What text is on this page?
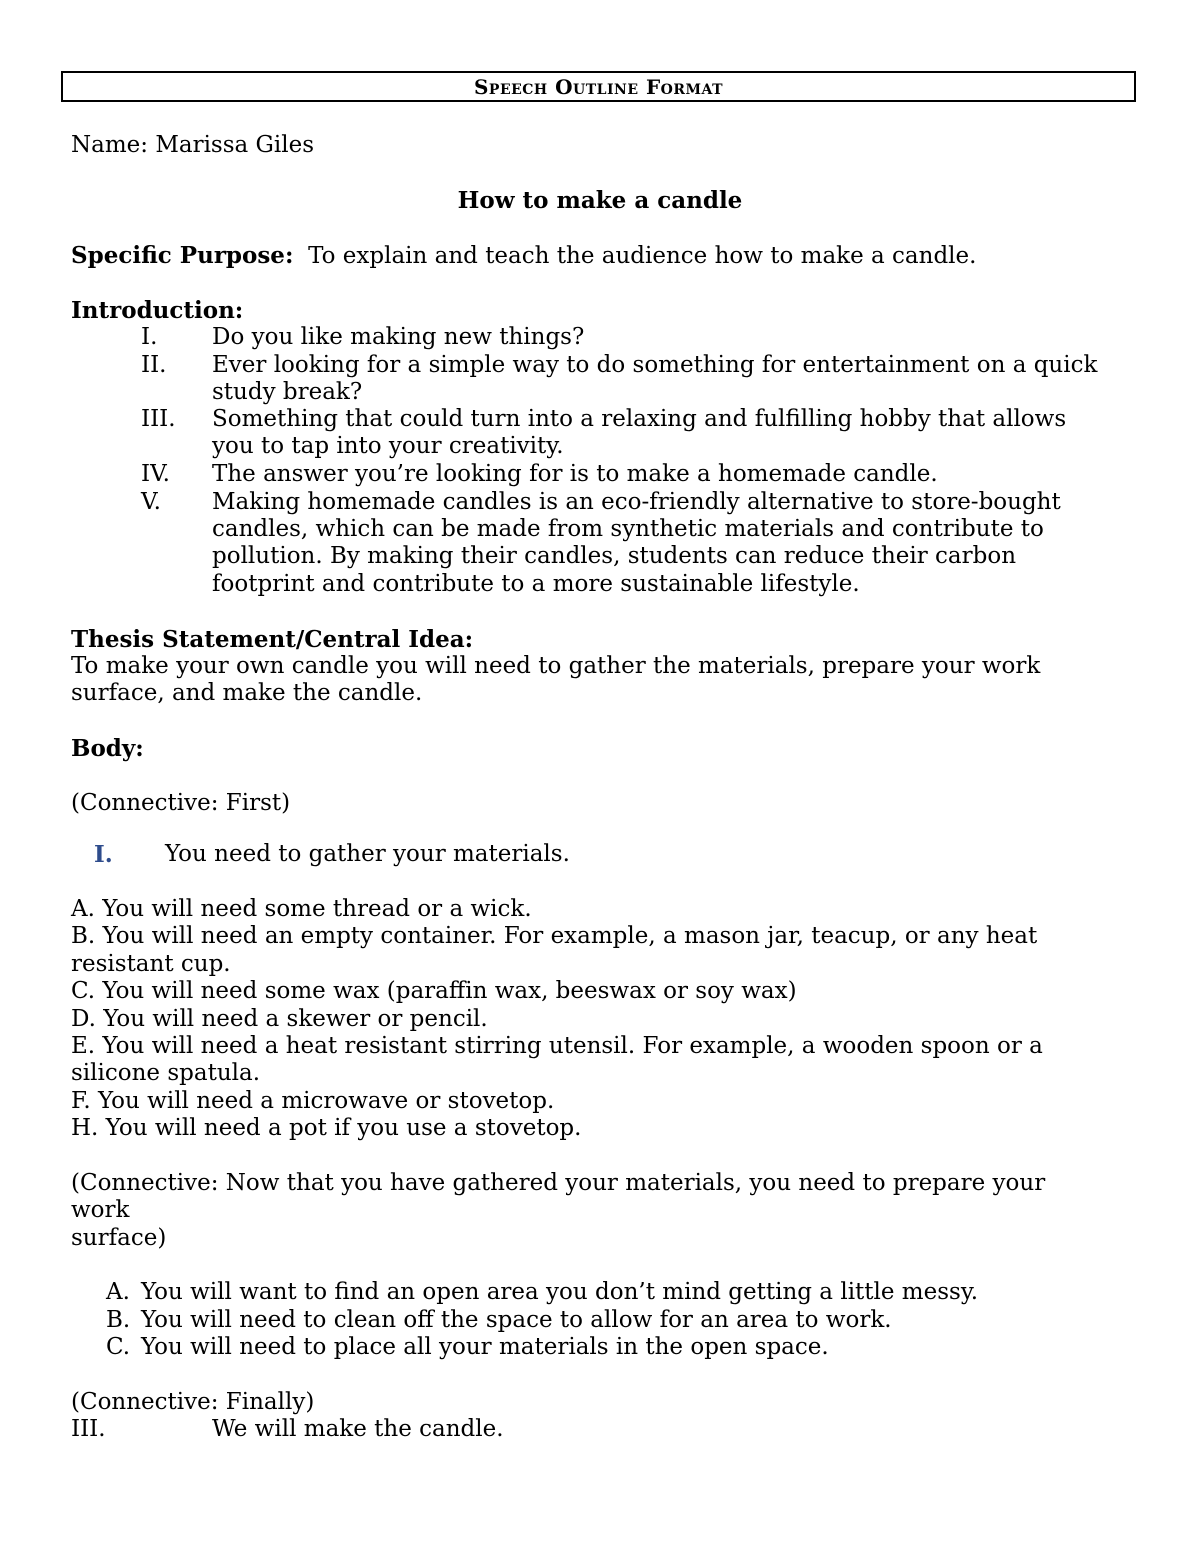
Speech Outline Format
Name: Marissa Giles
How to make a candle
Specific Purpose: To explain and teach the audience how to make a candle.
Introduction:
I. Do you like making new things?
II. Ever looking for a simple way to do something for entertainment on a quick
study break?
III. Something that could turn into a relaxing and fulfilling hobby that allows
you to tap into your creativity.
IV. The answer you’re looking for is to make a homemade candle.
V. Making homemade candles is an eco-friendly alternative to store-bought
candles, which can be made from synthetic materials and contribute to
pollution. By making their candles, students can reduce their carbon
footprint and contribute to a more sustainable lifestyle.
Thesis Statement/Central Idea:
To make your own candle you will need to gather the materials, prepare your work
surface, and make the candle.
Body:
(Connective: First)
I. You need to gather your materials.
A. You will need some thread or a wick.
B. You will need an empty container. For example, a mason jar, teacup, or any heat
resistant cup.
C. You will need some wax (paraffin wax, beeswax or soy wax)
D. You will need a skewer or pencil.
E. You will need a heat resistant stirring utensil. For example, a wooden spoon or a
silicone spatula.
F. You will need a microwave or stovetop.
H. You will need a pot if you use a stovetop.
(Connective: Now that you have gathered your materials, you need to prepare your
work
surface)
A. You will want to find an open area you don’t mind getting a little messy.
B. You will need to clean off the space to allow for an area to work.
C. You will need to place all your materials in the open space.
(Connective: Finally)
III.	We will make the candle.
